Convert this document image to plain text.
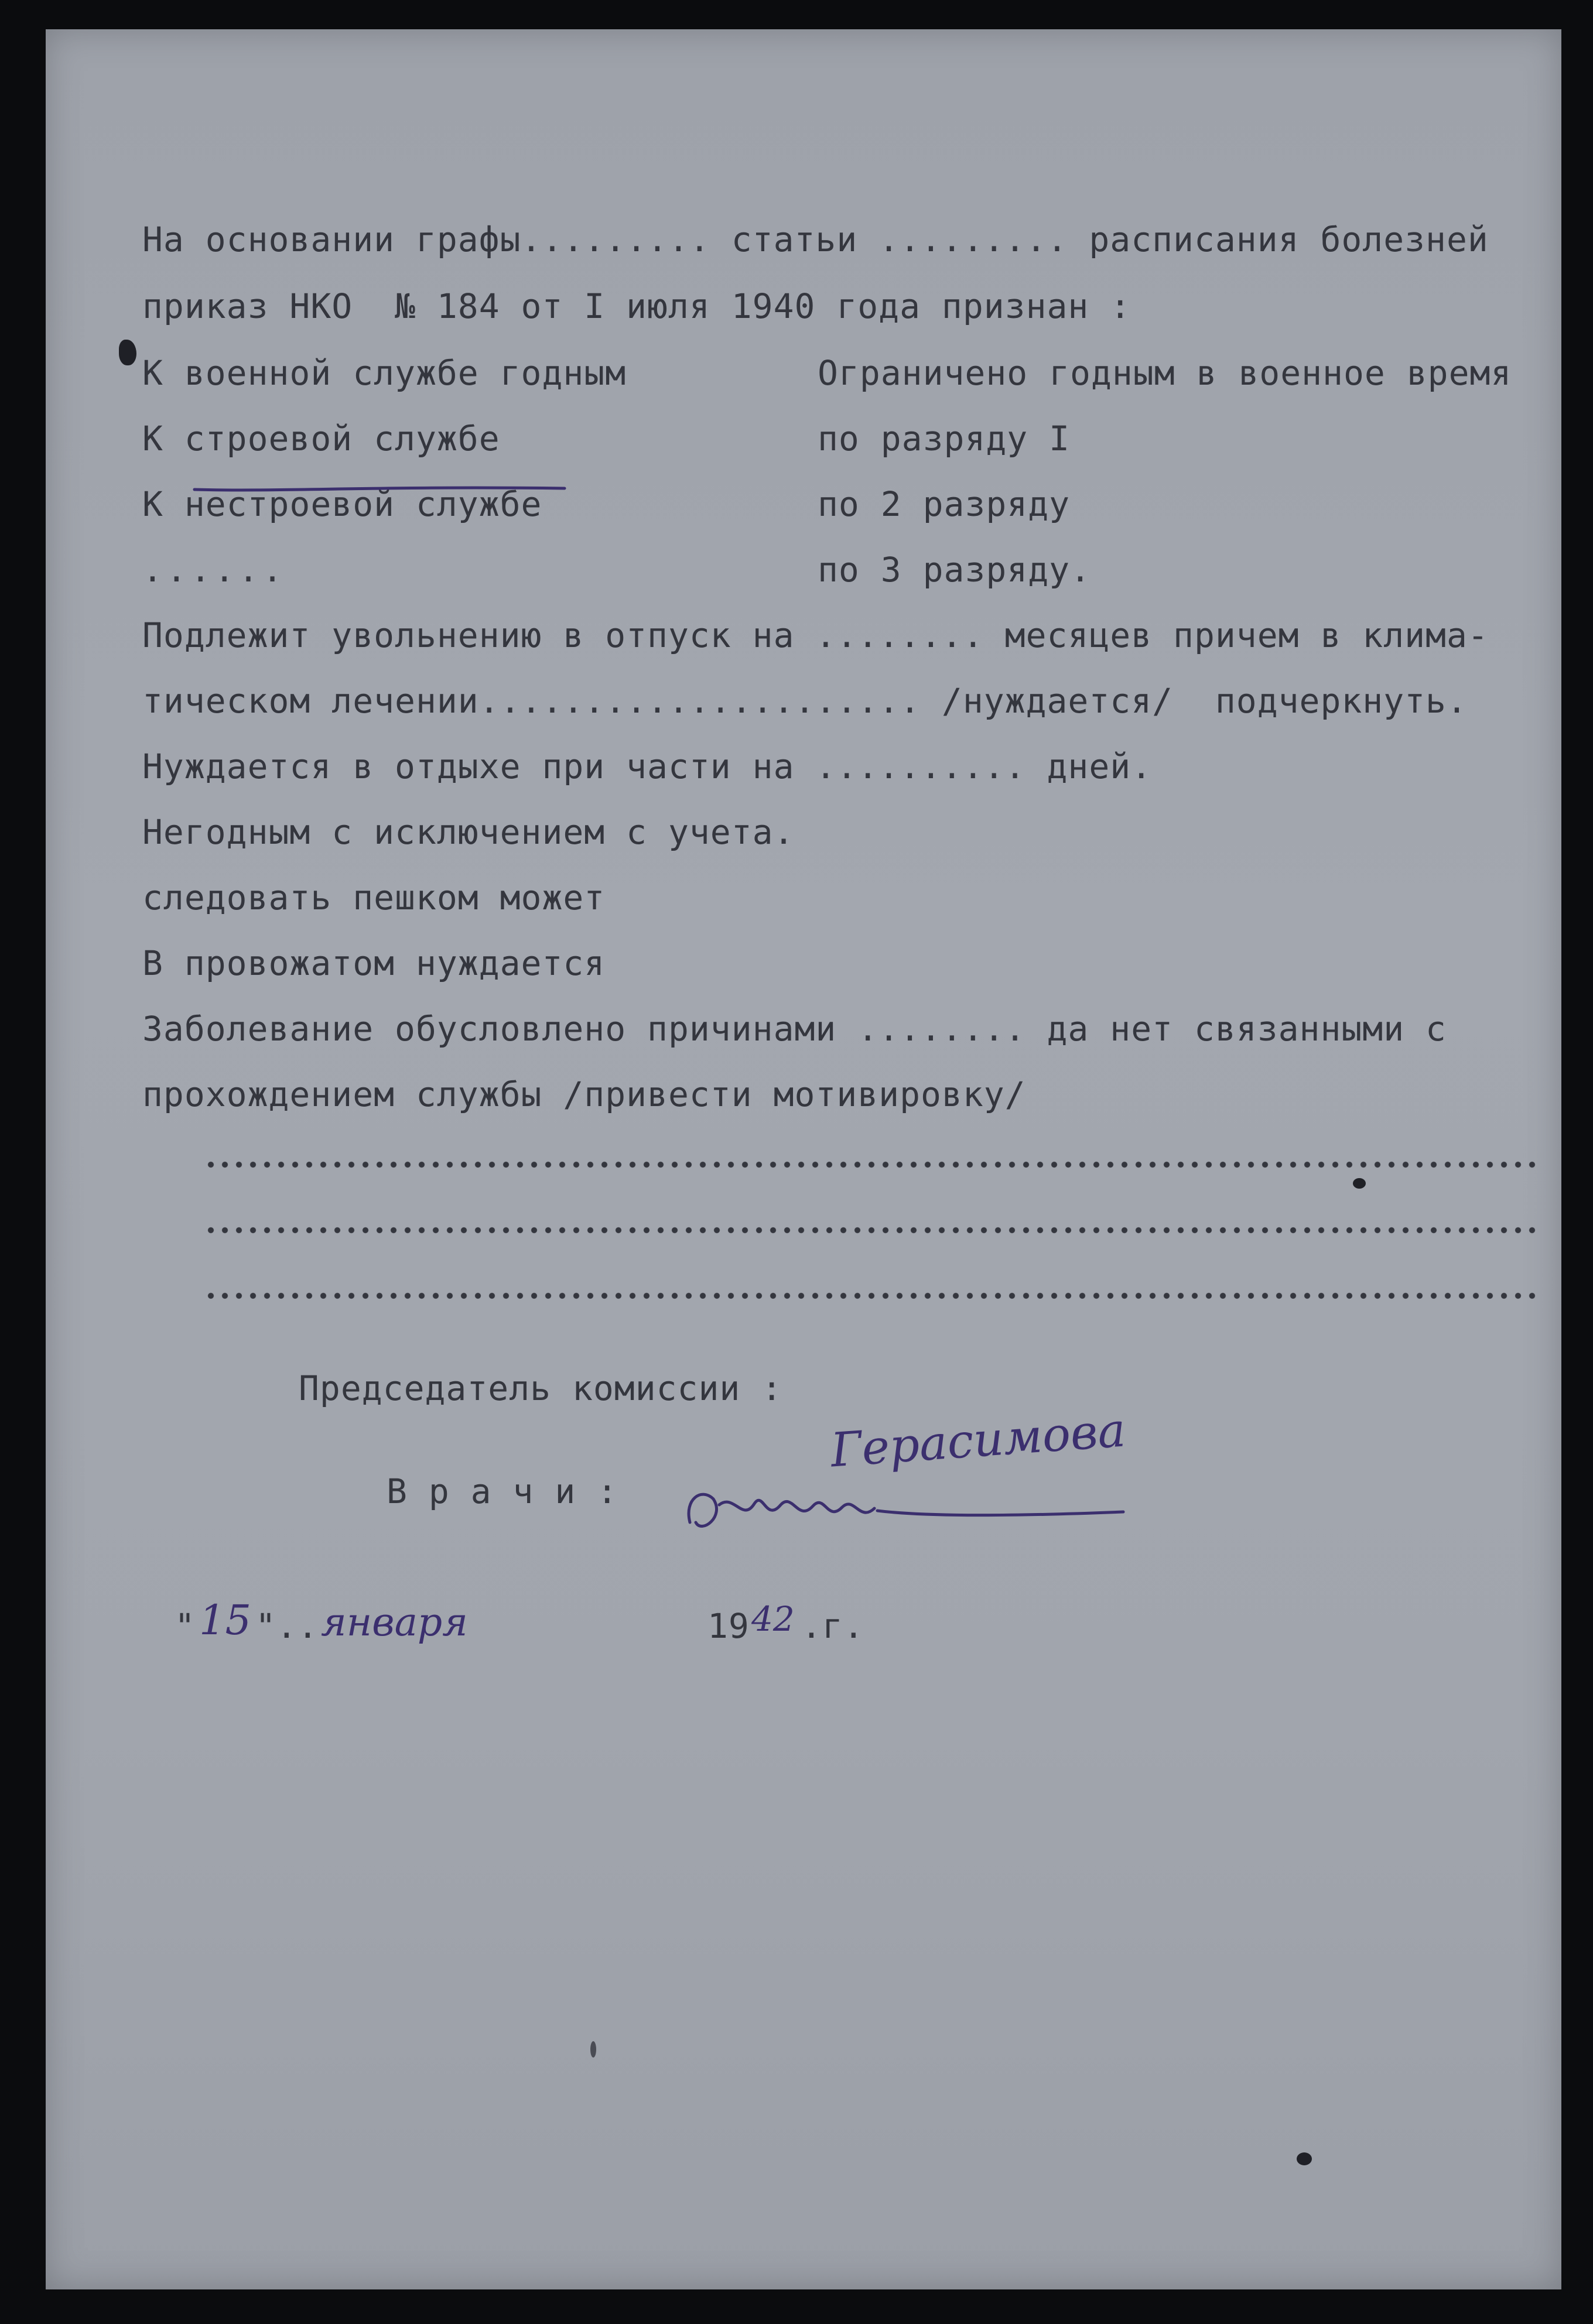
На основании графы......... статьи ......... расписания болезней
приказ НКО  № 184 от I июля 1940 года признан :
К военной службе годным
К строевой службе
К нестроевой службе
......
Ограничено годным в военное время
по разряду I
по 2 разряду
по 3 разряду.
Подлежит увольнению в отпуск на ........ месяцев причем в клима-
тическом лечении..................... /нуждается/  подчеркнуть.
Нуждается в отдыхе при части на .......... дней.
Негодным с исключением с учета.
следовать пешком может
В провожатом нуждается
Заболевание обусловлено причинами ........ да нет связанными с
прохождением службы /привести мотивировку/
Председатель комиссии :
В р а ч и :
Герасимова
" 15 ".. января	19 42 .г.
